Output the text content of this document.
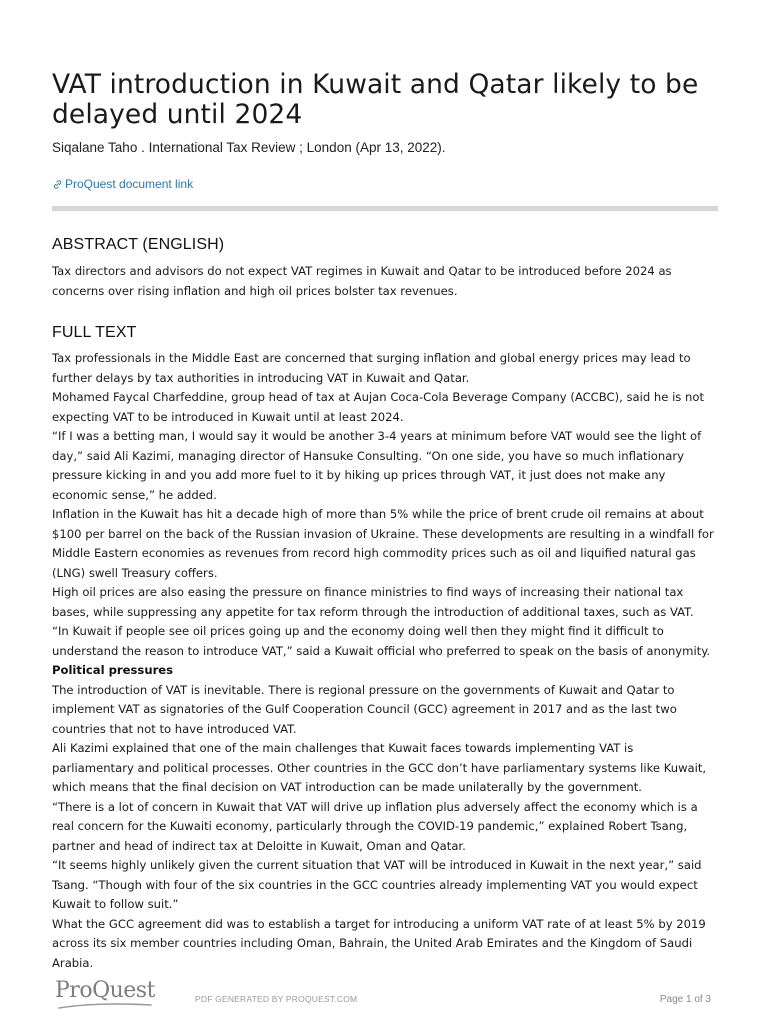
VAT introduction in Kuwait and Qatar likely to be delayed until 2024
Siqalane Taho . International Tax Review ; London (Apr 13, 2022).
ProQuest document link
ABSTRACT (ENGLISH)

Tax directors and advisors do not expect VAT regimes in Kuwait and Qatar to be introduced before 2024 as concerns over rising inflation and high oil prices bolster tax revenues.

FULL TEXT

Tax professionals in the Middle East are concerned that surging inflation and global energy prices may lead to further delays by tax authorities in introducing VAT in Kuwait and Qatar.

Mohamed Faycal Charfeddine, group head of tax at Aujan Coca-Cola Beverage Company (ACCBC), said he is not expecting VAT to be introduced in Kuwait until at least 2024.

“If I was a betting man, I would say it would be another 3-4 years at minimum before VAT would see the light of day,” said Ali Kazimi, managing director of Hansuke Consulting. “On one side, you have so much inflationary pressure kicking in and you add more fuel to it by hiking up prices through VAT, it just does not make any economic sense,” he added.

Inflation in the Kuwait has hit a decade high of more than 5% while the price of brent crude oil remains at about $100 per barrel on the back of the Russian invasion of Ukraine. These developments are resulting in a windfall for Middle Eastern economies as revenues from record high commodity prices such as oil and liquified natural gas (LNG) swell Treasury coffers.

High oil prices are also easing the pressure on finance ministries to find ways of increasing their national tax bases, while suppressing any appetite for tax reform through the introduction of additional taxes, such as VAT.

“In Kuwait if people see oil prices going up and the economy doing well then they might find it difficult to understand the reason to introduce VAT,” said a Kuwait official who preferred to speak on the basis of anonymity.

Political pressures

The introduction of VAT is inevitable. There is regional pressure on the governments of Kuwait and Qatar to implement VAT as signatories of the Gulf Cooperation Council (GCC) agreement in 2017 and as the last two countries that not to have introduced VAT.

Ali Kazimi explained that one of the main challenges that Kuwait faces towards implementing VAT is parliamentary and political processes. Other countries in the GCC don’t have parliamentary systems like Kuwait, which means that the final decision on VAT introduction can be made unilaterally by the government.

“There is a lot of concern in Kuwait that VAT will drive up inflation plus adversely affect the economy which is a real concern for the Kuwaiti economy, particularly through the COVID-19 pandemic,” explained Robert Tsang, partner and head of indirect tax at Deloitte in Kuwait, Oman and Qatar.

“It seems highly unlikely given the current situation that VAT will be introduced in Kuwait in the next year,” said Tsang. “Though with four of the six countries in the GCC countries already implementing VAT you would expect Kuwait to follow suit.”

What the GCC agreement did was to establish a target for introducing a uniform VAT rate of at least 5% by 2019 across its six member countries including Oman, Bahrain, the United Arab Emirates and the Kingdom of Saudi Arabia.

ProQuest	PDF GENERATED BY PROQUEST.COM	Page 1 of 3
